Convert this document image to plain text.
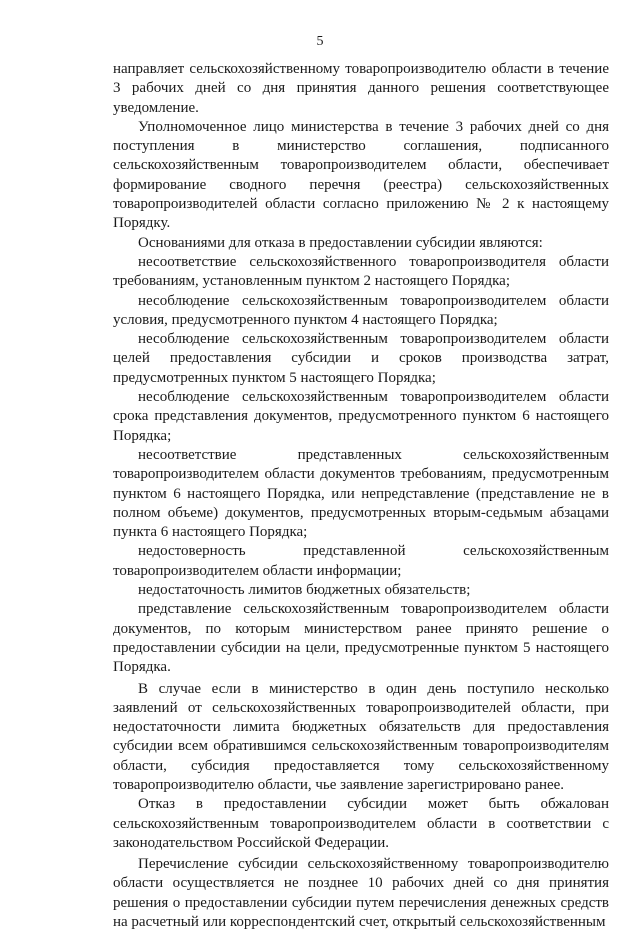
5

направляет сельскохозяйственному товаропроизводителю области в течение 3 рабочих дней со дня принятия данного решения соответствующее уведомление.

Уполномоченное лицо министерства в течение 3 рабочих дней со дня поступления в министерство соглашения, подписанного сельскохозяйственным товаропроизводителем области, обеспечивает формирование сводного перечня (реестра) сельскохозяйственных товаропроизводителей области согласно приложению № 2 к настоящему Порядку.

Основаниями для отказа в предоставлении субсидии являются:

несоответствие сельскохозяйственного товаропроизводителя области требованиям, установленным пунктом 2 настоящего Порядка;

несоблюдение сельскохозяйственным товаропроизводителем области условия, предусмотренного пунктом 4 настоящего Порядка;

несоблюдение сельскохозяйственным товаропроизводителем области целей предоставления субсидии и сроков производства затрат, предусмотренных пунктом 5 настоящего Порядка;

несоблюдение сельскохозяйственным товаропроизводителем области срока представления документов, предусмотренного пунктом 6 настоящего Порядка;

несоответствие представленных сельскохозяйственным товаропроизводителем области документов требованиям, предусмотренным пунктом 6 настоящего Порядка, или непредставление (представление не в полном объеме) документов, предусмотренных вторым-седьмым абзацами пункта 6 настоящего Порядка;

недостоверность представленной сельскохозяйственным товаропроизводителем области информации;

недостаточность лимитов бюджетных обязательств;

представление сельскохозяйственным товаропроизводителем области документов, по которым министерством ранее принято решение о предоставлении субсидии на цели, предусмотренные пунктом 5 настоящего Порядка.

В случае если в министерство в один день поступило несколько заявлений от сельскохозяйственных товаропроизводителей области, при недостаточности лимита бюджетных обязательств для предоставления субсидии всем обратившимся сельскохозяйственным товаропроизводителям области, субсидия предоставляется тому сельскохозяйственному товаропроизводителю области, чье заявление зарегистрировано ранее.

Отказ в предоставлении субсидии может быть обжалован сельскохозяйственным товаропроизводителем области в соответствии с законодательством Российской Федерации.

Перечисление субсидии сельскохозяйственному товаропроизводителю области осуществляется не позднее 10 рабочих дней со дня принятия решения о предоставлении субсидии путем перечисления денежных средств на расчетный или корреспондентский счет, открытый сельскохозяйственным
